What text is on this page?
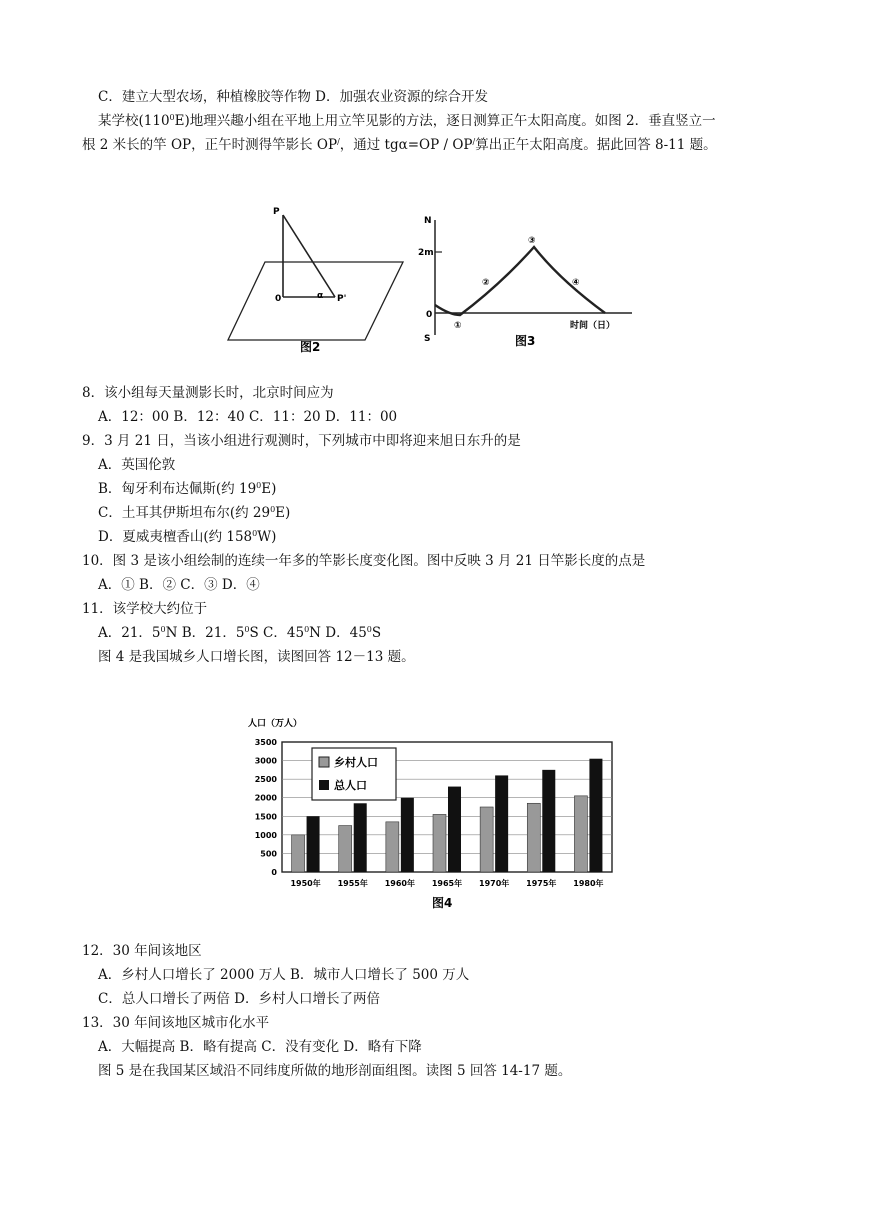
C．建立大型农场，种植橡胶等作物 D．加强农业资源的综合开发
某学校$(110^0E)$地理兴趣小组在平地上用立竿见影的方法，逐日测算正午太阳高度。如图 2．垂直竖立一
根 2 米长的竿 OP，正午时测得竿影长 OP/，通过 tgα=OP / OP/算出正午太阳高度。据此回答 8-11 题。
P
0	α P'
图2
N
S
2m
0
①
②
③
④
时间（日）
图3
8．该小组每天量测影长时，北京时间应为
A．12：00 B．12：40 C．11：20 D．11：00
9．3 月 21 日，当该小组进行观测时，下列城市中即将迎来旭日东升的是
A．英国伦敦
B．匈牙利布达佩斯(约 $19^0E$)
C．土耳其伊斯坦布尔(约 $29^0E$)
D．夏威夷檀香山(约 $158^0W$)
10．图 3 是该小组绘制的连续一年多的竿影长度变化图。图中反映 3 月 21 日竿影长度的点是
A．① B．② C．③ D．④
11．该学校大约位于
A．21．$5^0N$ B．21．$5^0S$ C．$45^0N$ D．$45^0S$
图 4 是我国城乡人口增长图，读图回答 12－13 题。
人口（万人）
3500
3000
2500
2000
1500
1000
500
0
1950年 1955年 1960年 1965年 1970年 1975年 1980年
乡村人口
总人口
图4
12．30 年间该地区
A．乡村人口增长了 2000 万人 B．城市人口增长了 500 万人
C．总人口增长了两倍 D．乡村人口增长了两倍
13．30 年间该地区城市化水平
A．大幅提高 B．略有提高 C．没有变化 D．略有下降
图 5 是在我国某区域沿不同纬度所做的地形剖面组图。读图 5 回答 14-17 题。
